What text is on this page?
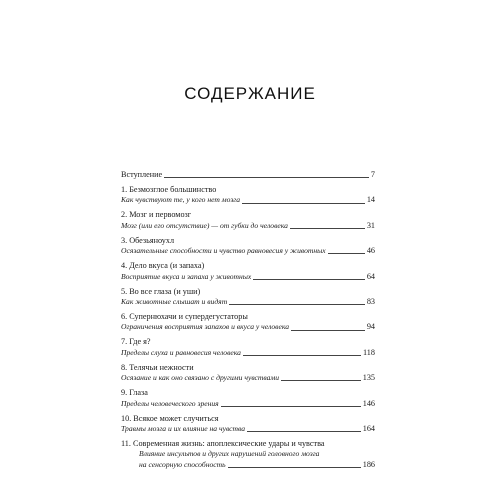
СОДЕРЖАНИЕ
Вступление	7
1. Безмозглое большинство
Как чувствуют те, у кого нет мозга	14
2. Мозг и первомозг
Мозг (или его отсутствие) — от губки до человека	31
3. Обезьяноухл
Осязательные способности и чувство равновесия у животных	46
4. Дело вкуса (и запаха)
Восприятие вкуса и запаха у животных	64
5. Во все глаза (и уши)
Как животные слышат и видят	83
6. Супернюхачи и супердегустаторы
Ограничения восприятия запахов и вкуса у человека	94
7. Где я?
Пределы слуха и равновесия человека	118
8. Телячьи нежности
Осязание и как оно связано с другими чувствами	135
9. Глаза
Пределы человеческого зрения	146
10. Всякое может случиться
Травмы мозга и их влияние на чувства	164
11. Современная жизнь: апоплексические удары и чувства
Влияние инсультов и других нарушений головного мозга
на сенсорную способность	186
